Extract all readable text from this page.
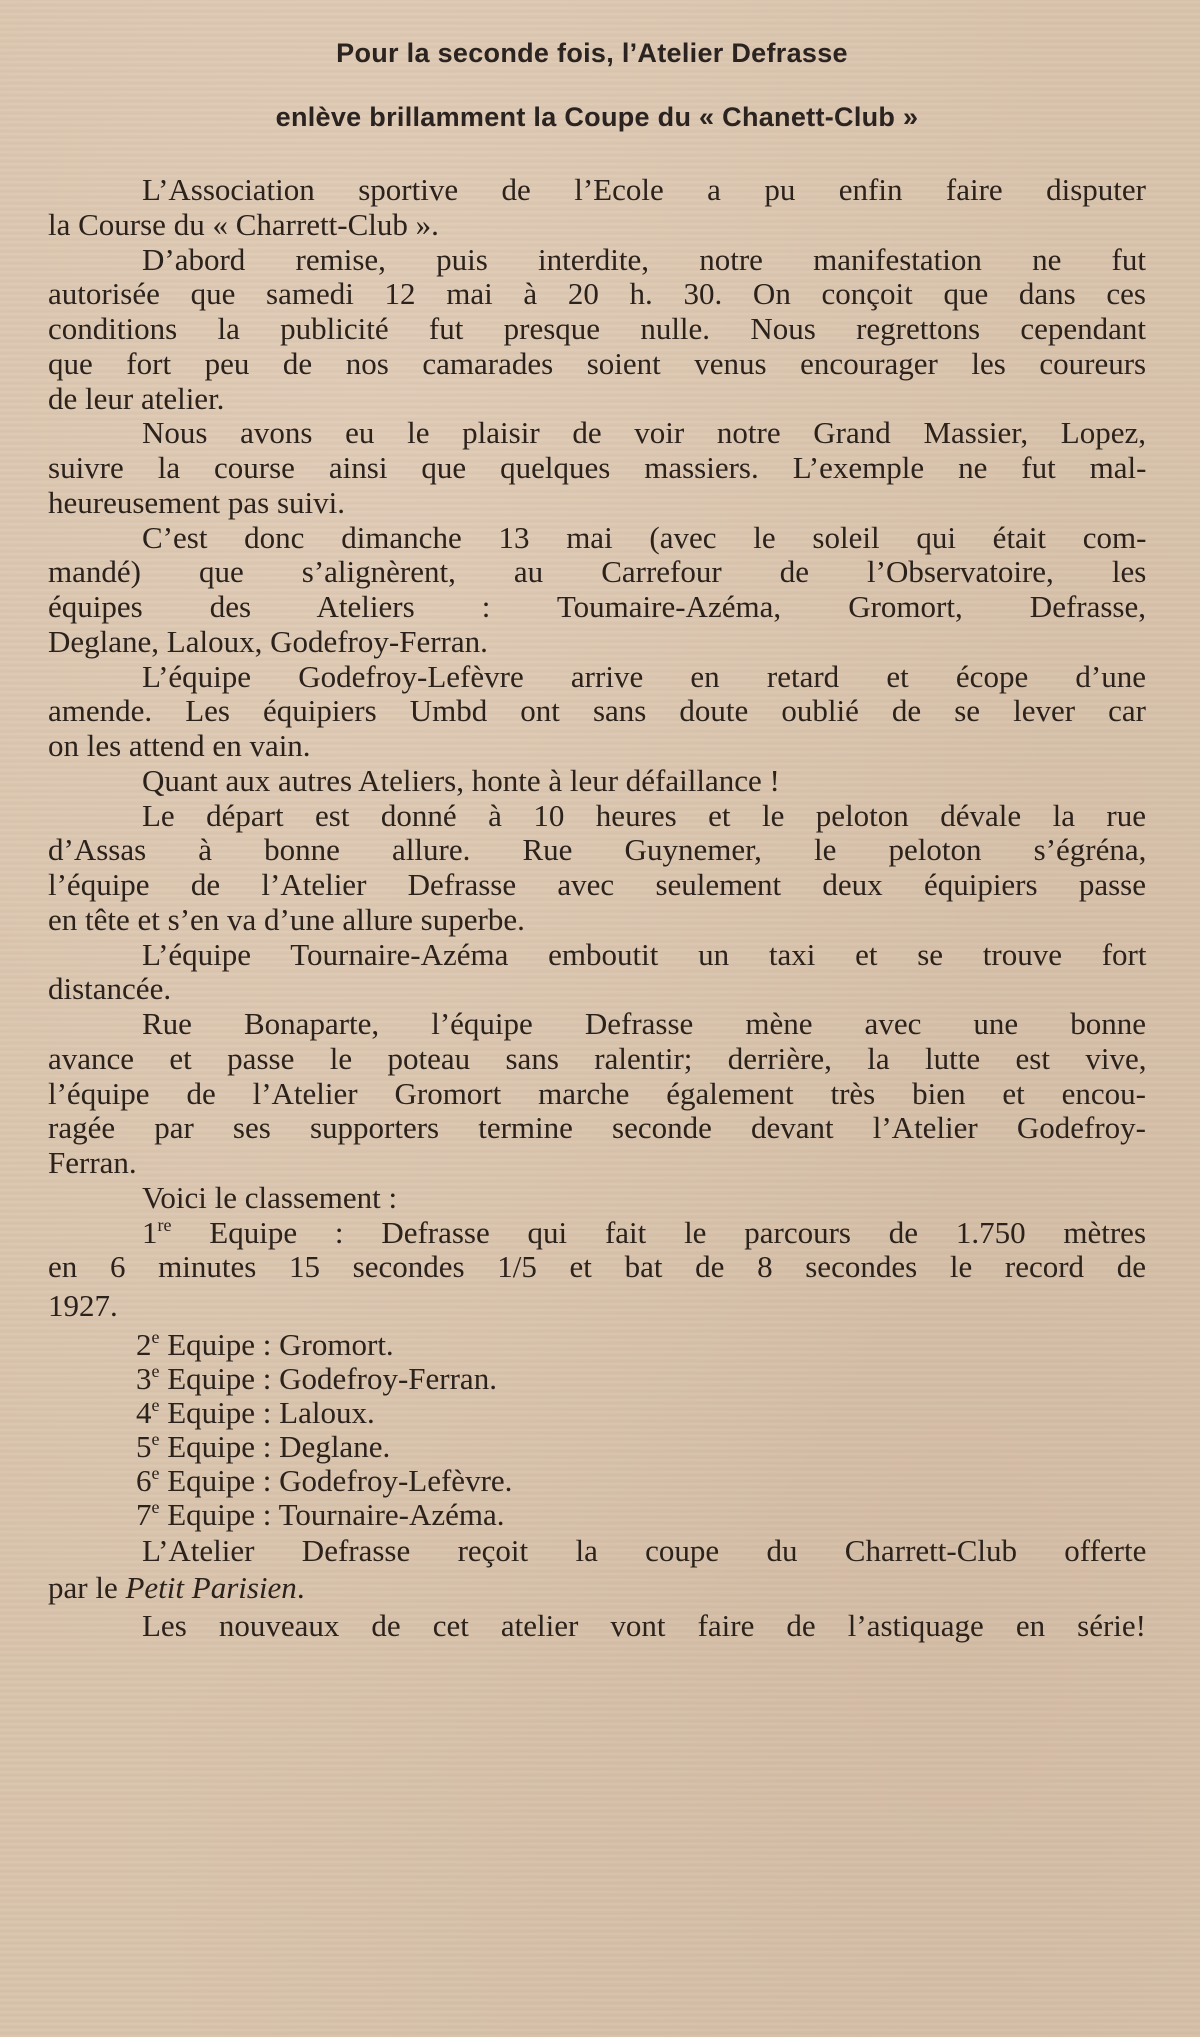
Pour la seconde fois, l’Atelier Defrasse
enlève brillamment la Coupe du « Chanett-Club »
L’Association sportive de l’Ecole a pu enfin faire disputer
la Course du « Charrett-Club ».
D’abord remise, puis interdite, notre manifestation ne fut
autorisée que samedi 12 mai à 20 h. 30. On conçoit que dans ces
conditions la publicité fut presque nulle. Nous regrettons cependant
que fort peu de nos camarades soient venus encourager les coureurs
de leur atelier.
Nous avons eu le plaisir de voir notre Grand Massier, Lopez,
suivre la course ainsi que quelques massiers. L’exemple ne fut mal-
heureusement pas suivi.
C’est donc dimanche 13 mai (avec le soleil qui était com-
mandé) que s’alignèrent, au Carrefour de l’Observatoire, les
équipes des Ateliers : Toumaire-Azéma, Gromort, Defrasse,
Deglane, Laloux, Godefroy-Ferran.
L’équipe Godefroy-Lefèvre arrive en retard et écope d’une
amende. Les équipiers Umbd ont sans doute oublié de se lever car
on les attend en vain.
Quant aux autres Ateliers, honte à leur défaillance !
Le départ est donné à 10 heures et le peloton dévale la rue
d’Assas à bonne allure. Rue Guynemer, le peloton s’égréna,
l’équipe de l’Atelier Defrasse avec seulement deux équipiers passe
en tête et s’en va d’une allure superbe.
L’équipe Tournaire-Azéma emboutit un taxi et se trouve fort
distancée.
Rue Bonaparte, l’équipe Defrasse mène avec une bonne
avance et passe le poteau sans ralentir; derrière, la lutte est vive,
l’équipe de l’Atelier Gromort marche également très bien et encou-
ragée par ses supporters termine seconde devant l’Atelier Godefroy-
Ferran.
Voici le classement :
1re Equipe : Defrasse qui fait le parcours de 1.750 mètres
en 6 minutes 15 secondes 1/5 et bat de 8 secondes le record de
1927.
2e Equipe : Gromort.
3e Equipe : Godefroy-Ferran.
4e Equipe : Laloux.
5e Equipe : Deglane.
6e Equipe : Godefroy-Lefèvre.
7e Equipe : Tournaire-Azéma.
L’Atelier Defrasse reçoit la coupe du Charrett-Club offerte
par le Petit Parisien.
Les nouveaux de cet atelier vont faire de l’astiquage en série!
